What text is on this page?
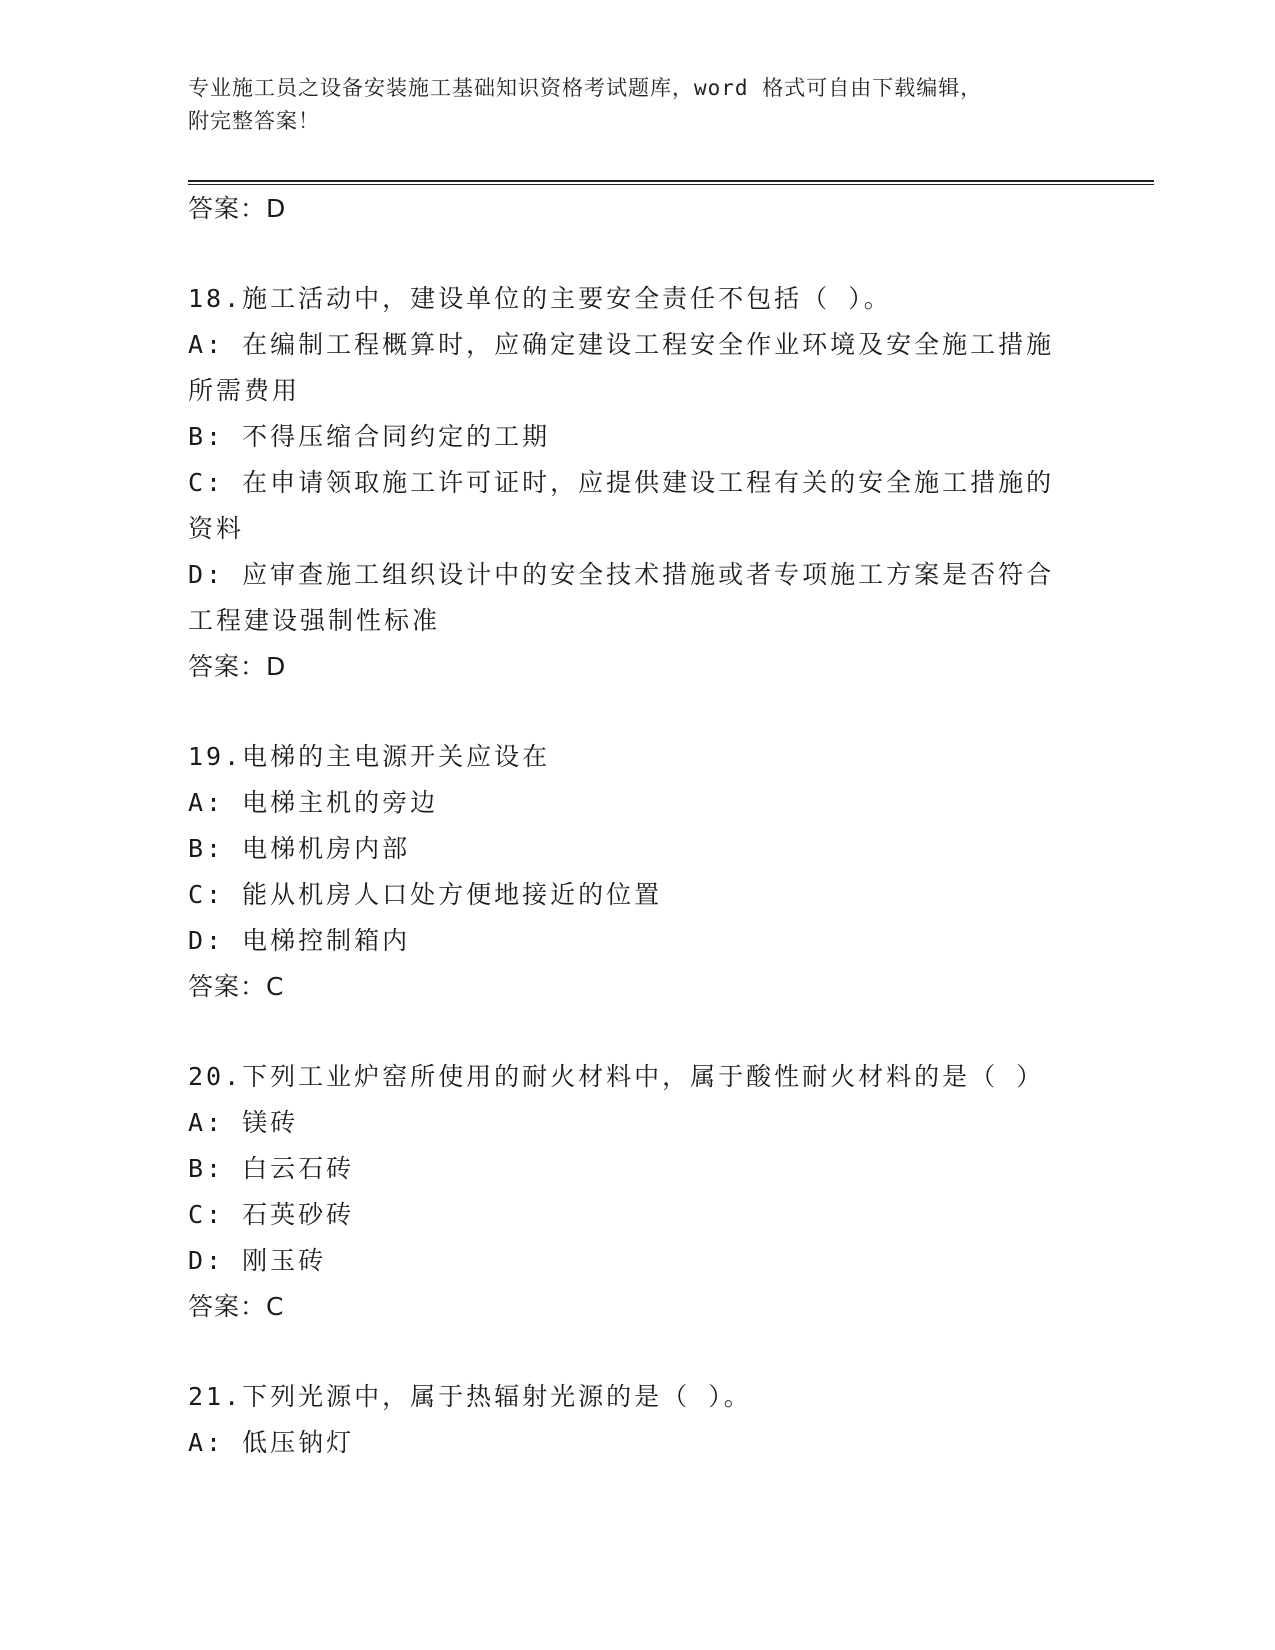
专业施工员之设备安装施工基础知识资格考试题库，word 格式可自由下载编辑，
附完整答案！
答案：D
18.施工活动中，建设单位的主要安全责任不包括（ ）。
A: 在编制工程概算时，应确定建设工程安全作业环境及安全施工措施
所需费用
B: 不得压缩合同约定的工期
C: 在申请领取施工许可证时，应提供建设工程有关的安全施工措施的
资料
D: 应审查施工组织设计中的安全技术措施或者专项施工方案是否符合
工程建设强制性标准
答案：D
19.电梯的主电源开关应设在
A: 电梯主机的旁边
B: 电梯机房内部
C: 能从机房人口处方便地接近的位置
D: 电梯控制箱内
答案：C
20.下列工业炉窑所使用的耐火材料中，属于酸性耐火材料的是（ ）
A: 镁砖
B: 白云石砖
C: 石英砂砖
D: 刚玉砖
答案：C
21.下列光源中，属于热辐射光源的是（ ）。
A: 低压钠灯
